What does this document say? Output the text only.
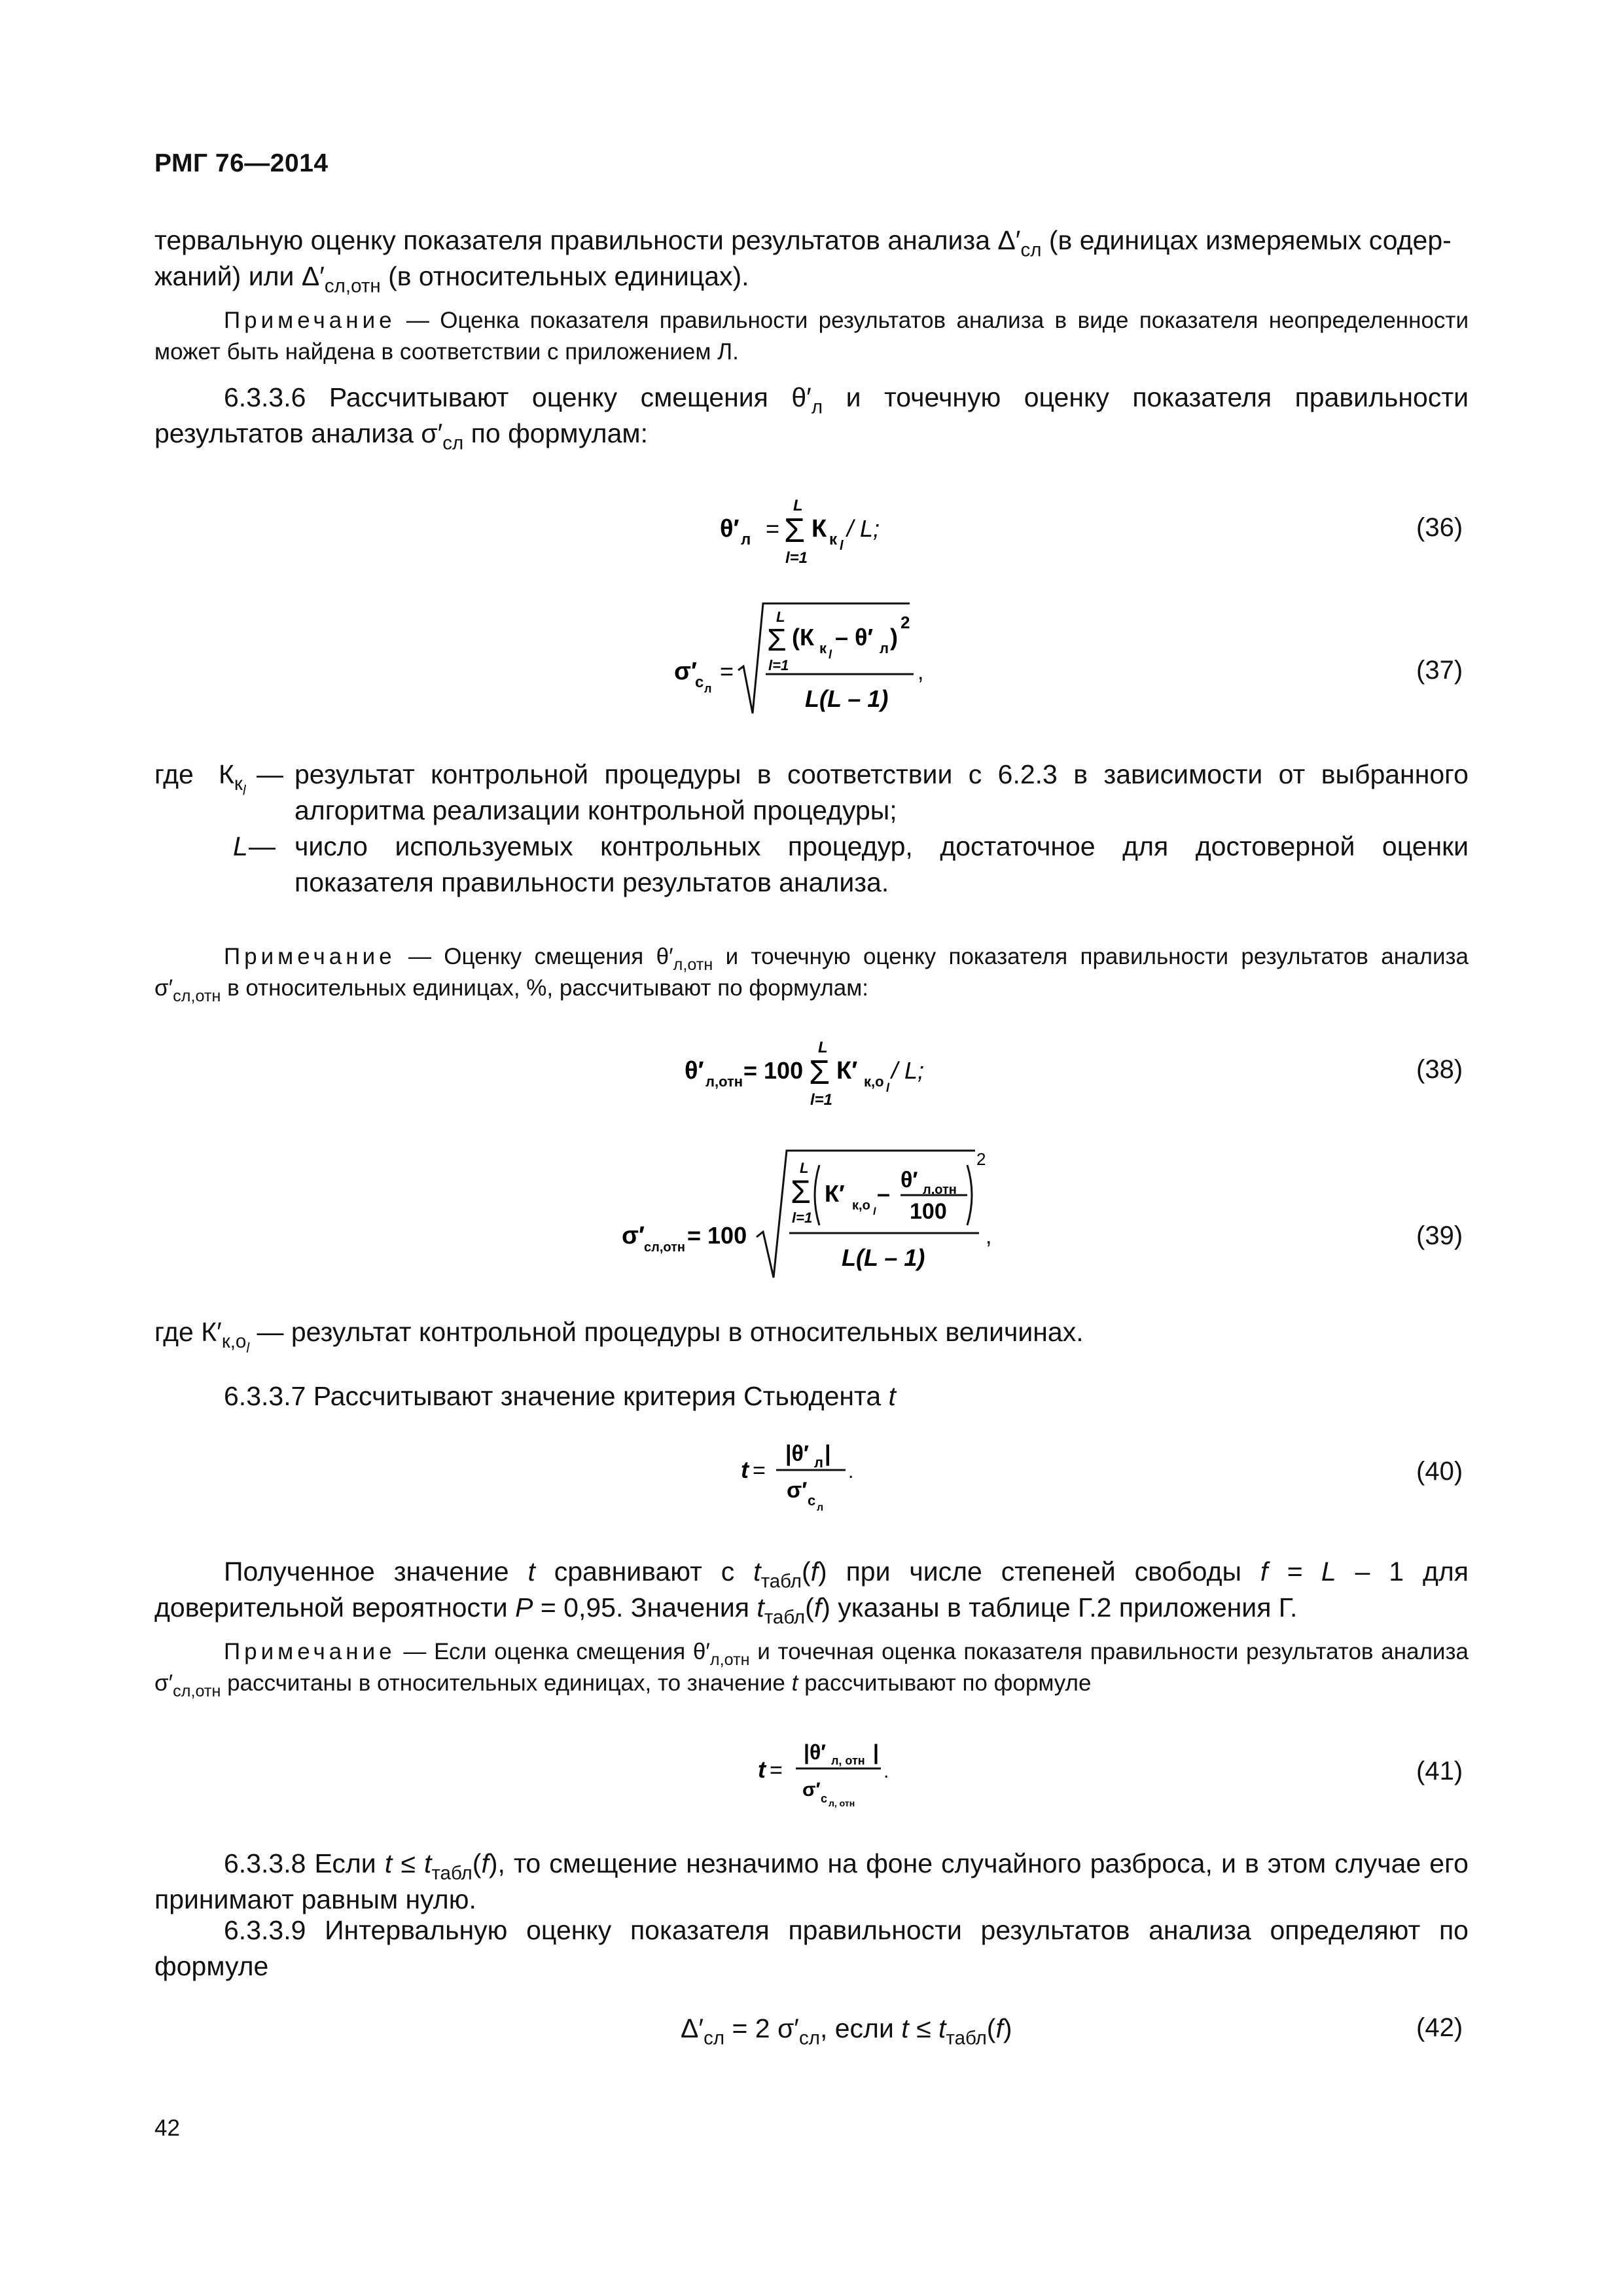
РМГ 76—2014
тервальную оценку показателя правильности результатов анализа $\Delta'_{сл}$ (в единицах измеряемых содер-
жаний) или $\Delta'_{сл,отн}$ (в относительных единицах).
Примечание — Оценка показателя правильности результатов анализа в виде показателя неопределенности может быть найдена в соответствии с приложением Л.
6.3.3.6 Рассчитывают оценку смещения $\theta'_л$ и точечную оценку показателя правильности результатов анализа $\sigma'_{сл}$ по формулам:
θ′ л =
L
Σ
l=1
К к l
/ L;	(36)
σ′
с л
=
L
Σ
l=1
(К к l
– θ′ л )
2
L(L – 1)
,	(37)
где $К_{к_l}$
— результат контрольной процедуры в соответствии с 6.2.3 в зависимости от выбранного алгоритма реализации контрольной процедуры;
L — число используемых контрольных процедур, достаточное для достоверной оценки показателя правильности результатов анализа.
Примечание — Оценку смещения $\theta'_{л,отн}$ и точечную оценку показателя правильности результатов анализа $\sigma'_{сл,отн}$ в относительных единицах, %, рассчитывают по формулам:
θ′ л,отн = 100
L
Σ
l=1
К′ к,о l
/ L;	(38)
σ′
сл,отн = 100
L
Σ
l=1
К′ к,о l
– θ′ л,отн
100
2
L(L – 1)
,	(39)
где $К'_{к,о_l}$ — результат контрольной процедуры в относительных величинах.
6.3.3.7 Рассчитывают значение критерия Стьюдента t
t =
|θ′ л |
σ′ с л
.	(40)
Полученное значение t сравнивают с $t_{табл}(f)$ при числе степеней свободы f = L – 1 для доверительной вероятности P = 0,95. Значения $t_{табл}(f)$ указаны в таблице Г.2 приложения Г.
Примечание — Если оценка смещения $\theta'_{л,отн}$ и точечная оценка показателя правильности результатов анализа $\sigma'_{сл,отн}$ рассчитаны в относительных единицах, то значение t рассчитывают по формуле
t =
|θ′ л, отн |
σ′ с л, отн
.	(41)
6.3.3.8 Если $t \le t_{табл}(f)$, то смещение незначимо на фоне случайного разброса, и в этом случае его принимают равным нулю.
6.3.3.9 Интервальную оценку показателя правильности результатов анализа определяют по формуле
$\Delta'_{сл} = 2$ $\sigma'_{сл}$, если $t \le t_{табл}(f)$	(42)
42
